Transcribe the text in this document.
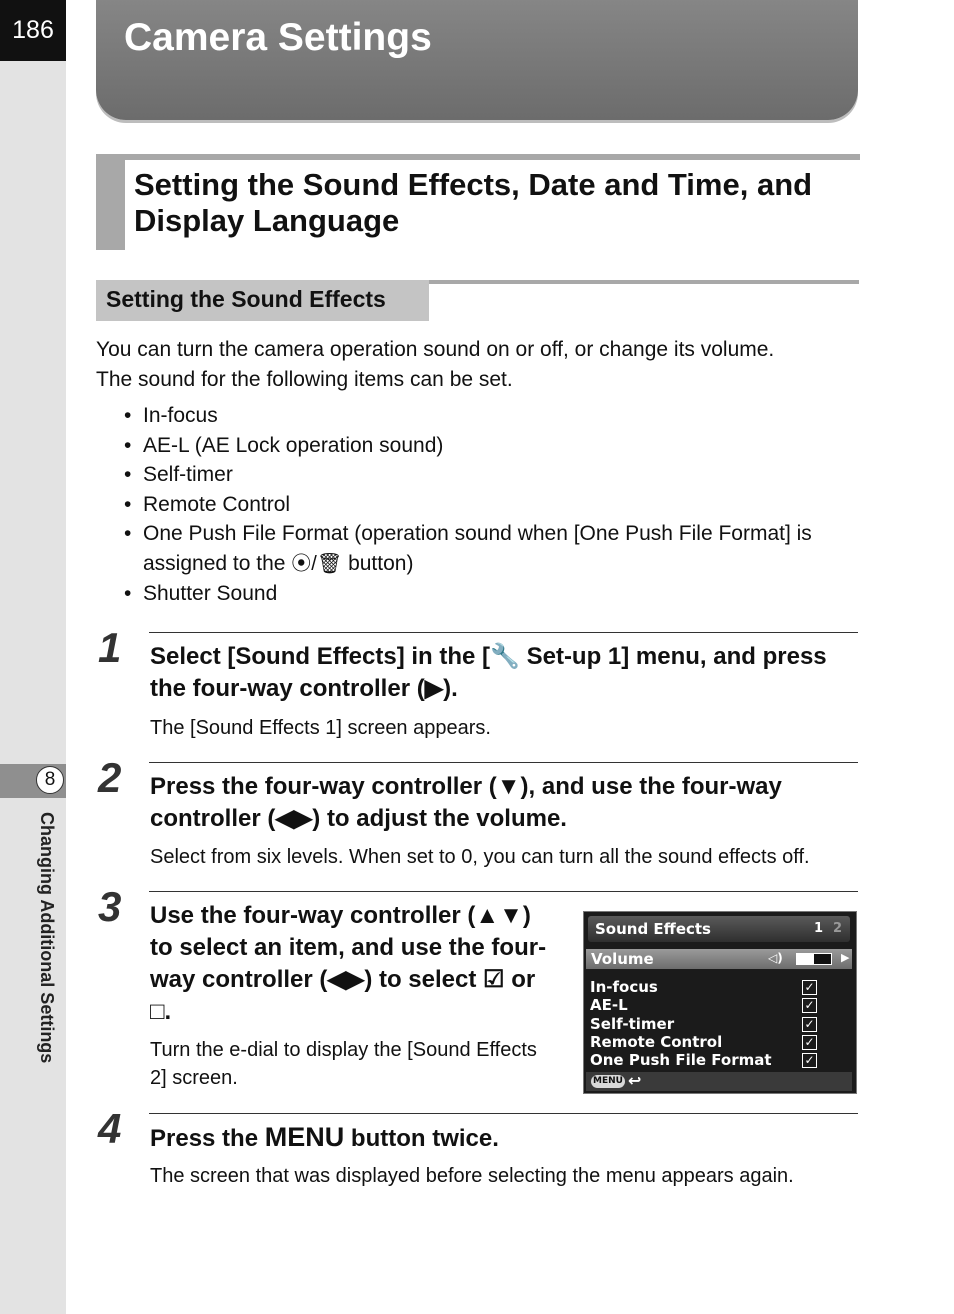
186
8
Changing Additional Settings
Camera Settings
Setting the Sound Effects, Date and Time, and Display Language
Setting the Sound Effects

You can turn the camera operation sound on or off, or change its volume.

The sound for the following items can be set.

• In-focus
• AE-L (AE Lock operation sound)
• Self-timer
• Remote Control
• One Push File Format (operation sound when [One Push File Format] is assigned to the ⦿/🗑 button)
• Shutter Sound
1 Select [Sound Effects] in the [🔧 Set-up 1] menu, and press the four-way controller (▶).
The [Sound Effects 1] screen appears.
2 Press the four-way controller (▼), and use the four-way controller (◀▶) to adjust the volume.
Select from six levels. When set to 0, you can turn all the sound effects off.
3 Use the four-way controller (▲▼) to select an item, and use the four-way controller (◀▶) to select ☑ or □.
Turn the e-dial to display the [Sound Effects 2] screen.
Sound Effects	1 2
Volume	◁)	▶
In-focus	✓
AE-L	✓
Self-timer	✓
Remote Control	✓
One Push File Format	✓
MENU ↩
4 Press the MENU button twice.
The screen that was displayed before selecting the menu appears again.
